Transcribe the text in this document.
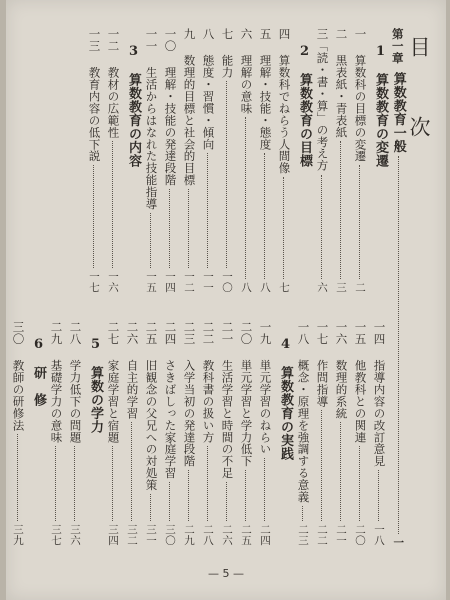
目　次
第一章算数教育一般
一
1　算数教育の変遷
一四 指導内容の改訂意見
一八
一 算数科の目標の変遷
二
一五 他教科との関連
二〇
二 黒表紙・青表紙
三
一六 数理的系統
二一
三「読・書・算」の考え方
六
一七 作問指導
二二
2　算数教育の目標
一八 概念・原理を強調する意義
二三
四 算数科でねらう人間像
七
4　算数教育の実践
五 理解・技能・態度
八
一九 単元学習のねらい
二四
六 理解の意味
八
二〇 単元学習と学力低下
二五
七 能力
一〇
二一 生活学習と時間の不足
二六
八 態度・習慣・傾向
一一
二二 教科書の扱い方
二八
九 数理的目標と社会的目標
一二
二三 入学当初の発達段階
二九
一〇 理解・技能の発達段階
一四
二四 さきばしった家庭学習
三〇
一一 生活からはなれた技能指導
一五
二五 旧観念の父兄への対処策
三一
3　算数教育の内容
二六 自主的学習
三二
一二 教材の広範性
一六
二七 家庭学習と宿題
三四
一三 教育内容の低下説
一七
5　算数の学力
二八 学力低下の問題
三六
二九 基礎学力の意味
三七
6　研　修
三〇 教師の研修法
三九
— 5 —
